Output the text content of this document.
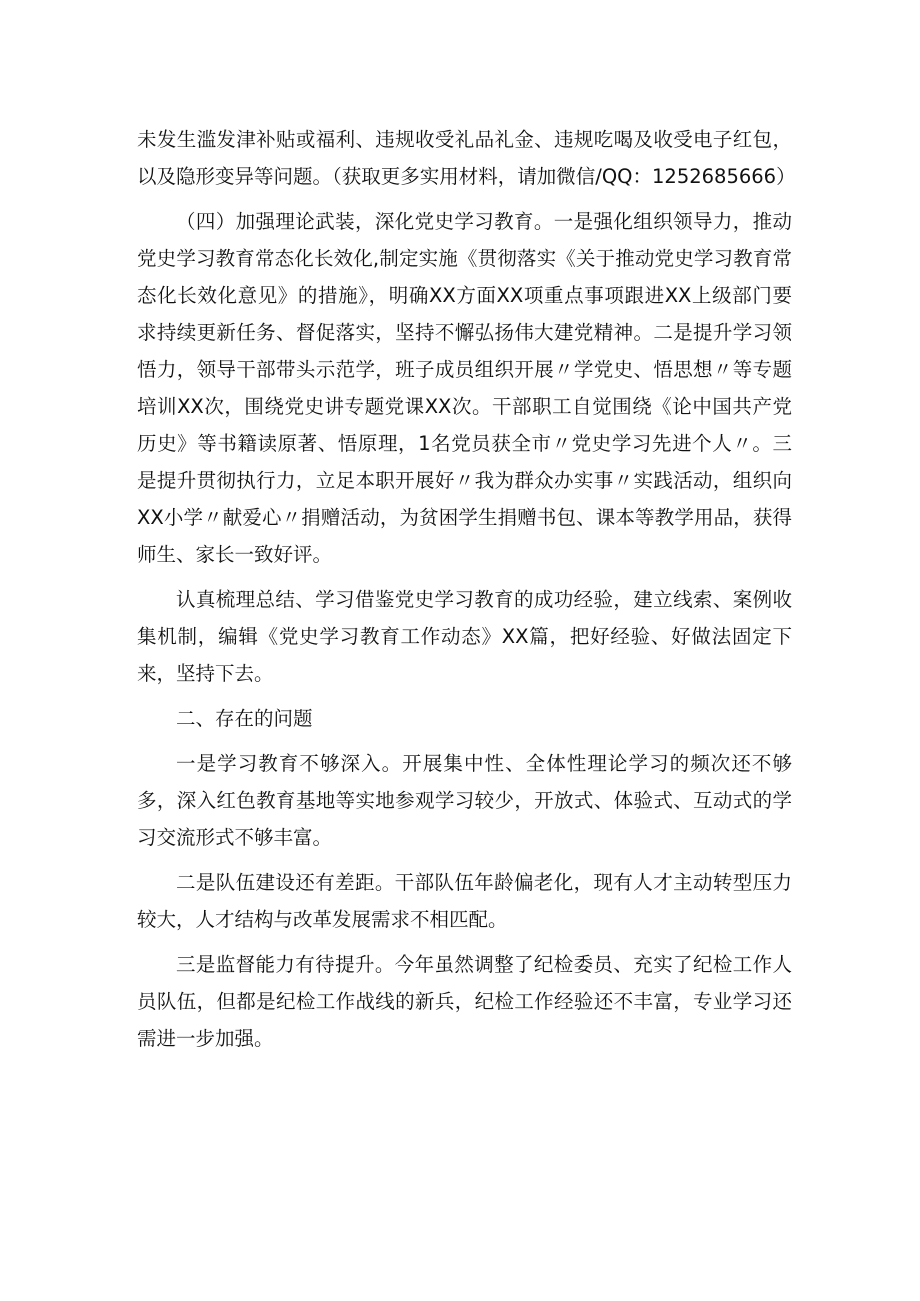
未发生滥发津补贴或福利、违规收受礼品礼金、违规吃喝及收受电子红包，以及隐形变异等问题。（获取更多实用材料，请加微信/QQ：1252685666）

（四）加强理论武装，深化党史学习教育。一是强化组织领导力，推动党史学习教育常态化长效化,制定实施《贯彻落实《关于推动党史学习教育常态化长效化意见》的措施》，明确XX方面XX项重点事项跟进XX上级部门要求持续更新任务、督促落实，坚持不懈弘扬伟大建党精神。二是提升学习领悟力，领导干部带头示范学，班子成员组织开展〃学党史、悟思想〃等专题培训XX次，围绕党史讲专题党课XX次。干部职工自觉围绕《论中国共产党历史》等书籍读原著、悟原理，1名党员获全市〃党史学习先进个人〃。三是提升贯彻执行力，立足本职开展好〃我为群众办实事〃实践活动，组织向XX小学〃献爱心〃捐赠活动，为贫困学生捐赠书包、课本等教学用品，获得师生、家长一致好评。

认真梳理总结、学习借鉴党史学习教育的成功经验，建立线索、案例收集机制，编辑《党史学习教育工作动态》XX篇，把好经验、好做法固定下来，坚持下去。

二、存在的问题

一是学习教育不够深入。开展集中性、全体性理论学习的频次还不够多，深入红色教育基地等实地参观学习较少，开放式、体验式、互动式的学习交流形式不够丰富。

二是队伍建设还有差距。干部队伍年龄偏老化，现有人才主动转型压力较大，人才结构与改革发展需求不相匹配。

三是监督能力有待提升。今年虽然调整了纪检委员、充实了纪检工作人员队伍，但都是纪检工作战线的新兵，纪检工作经验还不丰富，专业学习还需进一步加强。
